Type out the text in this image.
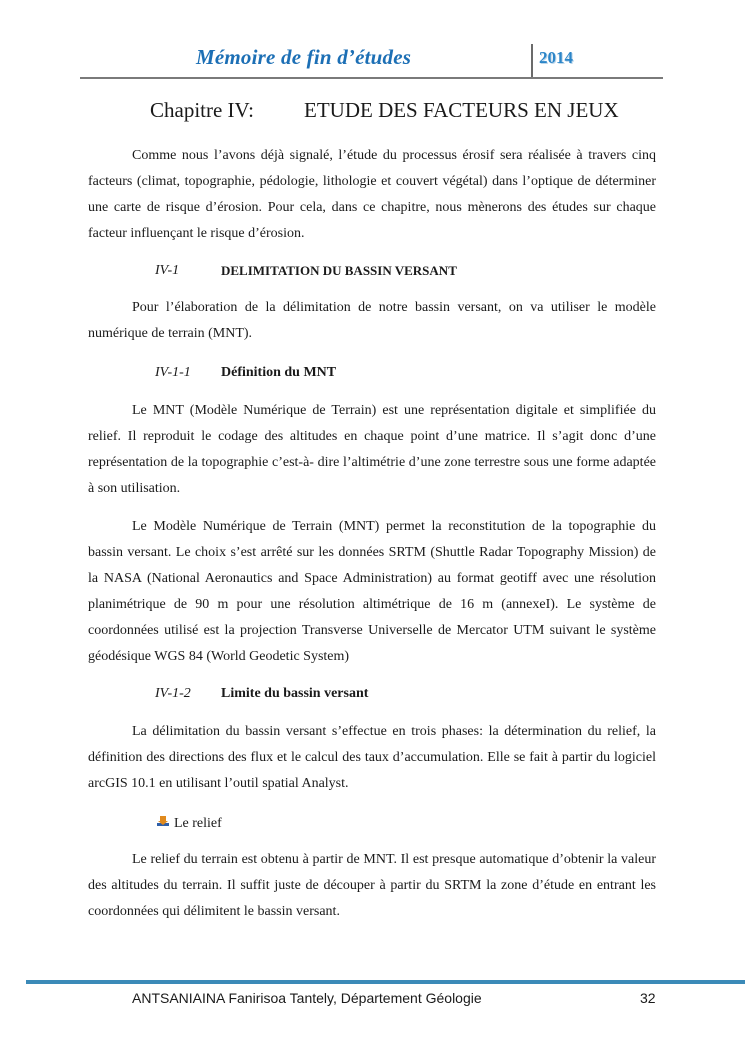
Mémoire de fin d’études	2014
Chapitre IV: ETUDE DES FACTEURS EN JEUX

Comme nous l’avons déjà signalé, l’étude du processus érosif sera réalisée à travers cinq facteurs (climat, topographie, pédologie, lithologie et couvert végétal) dans l’optique de déterminer une carte de risque d’érosion. Pour cela, dans ce chapitre, nous mènerons des études sur chaque facteur influençant le risque d’érosion.

IV-1	DELIMITATION DU BASSIN VERSANT

Pour l’élaboration de la délimitation de notre bassin versant, on va utiliser le modèle numérique de terrain (MNT).

IV-1-1 Définition du MNT

Le MNT (Modèle Numérique de Terrain) est une représentation digitale et simplifiée du relief. Il reproduit le codage des altitudes en chaque point d’une matrice. Il s’agit donc d’une représentation de la topographie c’est-à- dire l’altimétrie d’une zone terrestre sous une forme adaptée à son utilisation.

Le Modèle Numérique de Terrain (MNT) permet la reconstitution de la topographie du bassin versant. Le choix s’est arrêté sur les données SRTM (Shuttle Radar Topography Mission) de la NASA (National Aeronautics and Space Administration) au format geotiff avec une résolution planimétrique de 90 m pour une résolution altimétrique de 16 m (annexeI). Le système de coordonnées utilisé est la projection Transverse Universelle de Mercator UTM suivant le système géodésique WGS 84 (World Geodetic System)

IV-1-2 Limite du bassin versant

La délimitation du bassin versant s’effectue en trois phases: la détermination du relief, la définition des directions des flux et le calcul des taux d’accumulation. Elle se fait à partir du logiciel arcGIS 10.1 en utilisant l’outil spatial Analyst.

Le relief

Le relief du terrain est obtenu à partir de MNT. Il est presque automatique d’obtenir la valeur des altitudes du terrain. Il suffit juste de découper à partir du SRTM la zone d’étude en entrant les coordonnées qui délimitent le bassin versant.

ANTSANIAINA Fanirisoa Tantely, Département Géologie	32
